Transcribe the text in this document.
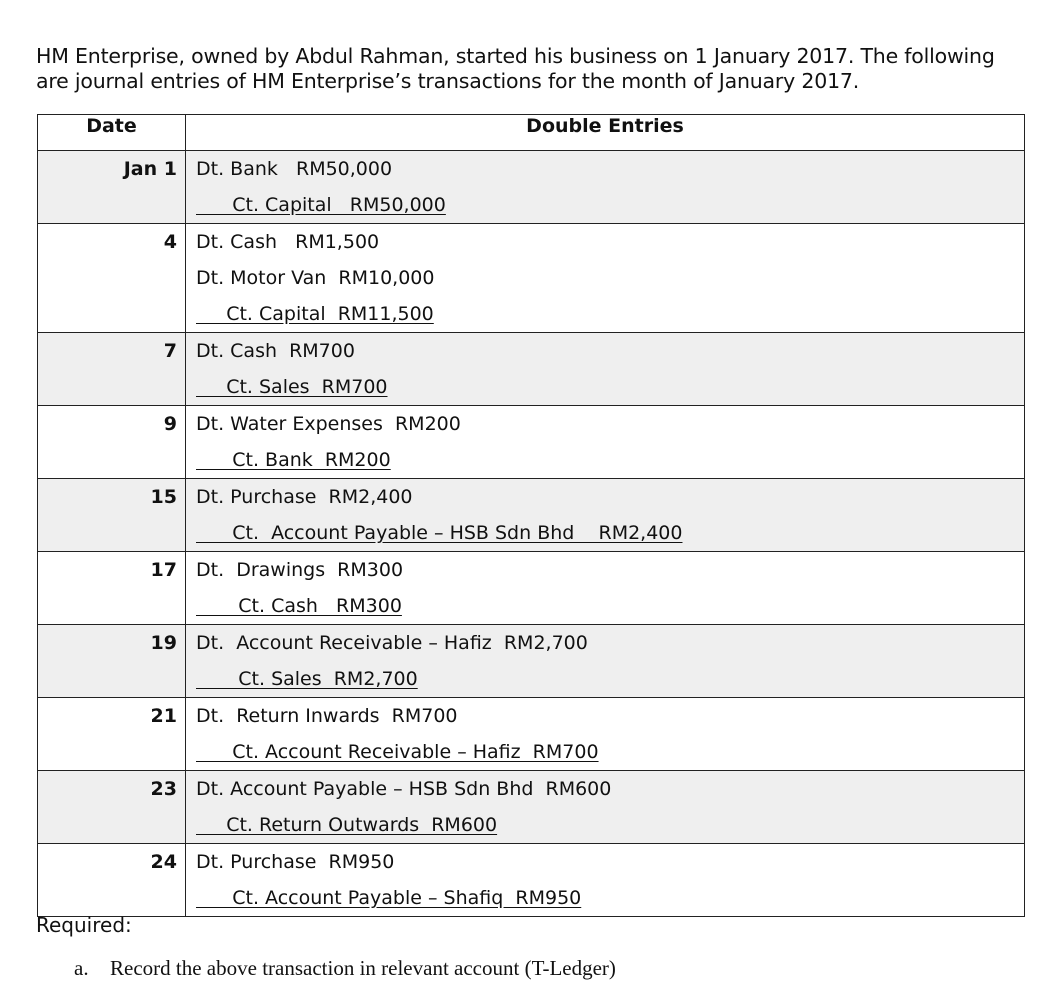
HM Enterprise, owned by Abdul Rahman, started his business on 1 January 2017. The following

are journal entries of HM Enterprise’s transactions for the month of January 2017.

Date	Double Entries

Jan 1	Dt. Bank   RM50,000
Ct. Capital   RM50,000

4	Dt. Cash   RM1,500
Dt. Motor Van  RM10,000
Ct. Capital  RM11,500

7	Dt. Cash  RM700
Ct. Sales  RM700

9	Dt. Water Expenses  RM200
Ct. Bank  RM200

15	Dt. Purchase  RM2,400
Ct.  Account Payable – HSB Sdn Bhd    RM2,400

17	Dt.  Drawings  RM300
Ct. Cash   RM300

19	Dt.  Account Receivable – Hafiz  RM2,700
Ct. Sales  RM2,700

21	Dt.  Return Inwards  RM700
Ct. Account Receivable – Hafiz  RM700

23	Dt. Account Payable – HSB Sdn Bhd  RM600
Ct. Return Outwards  RM600

24	Dt. Purchase  RM950
Ct. Account Payable – Shafiq  RM950
Required:
a. Record the above transaction in relevant account (T-Ledger)
